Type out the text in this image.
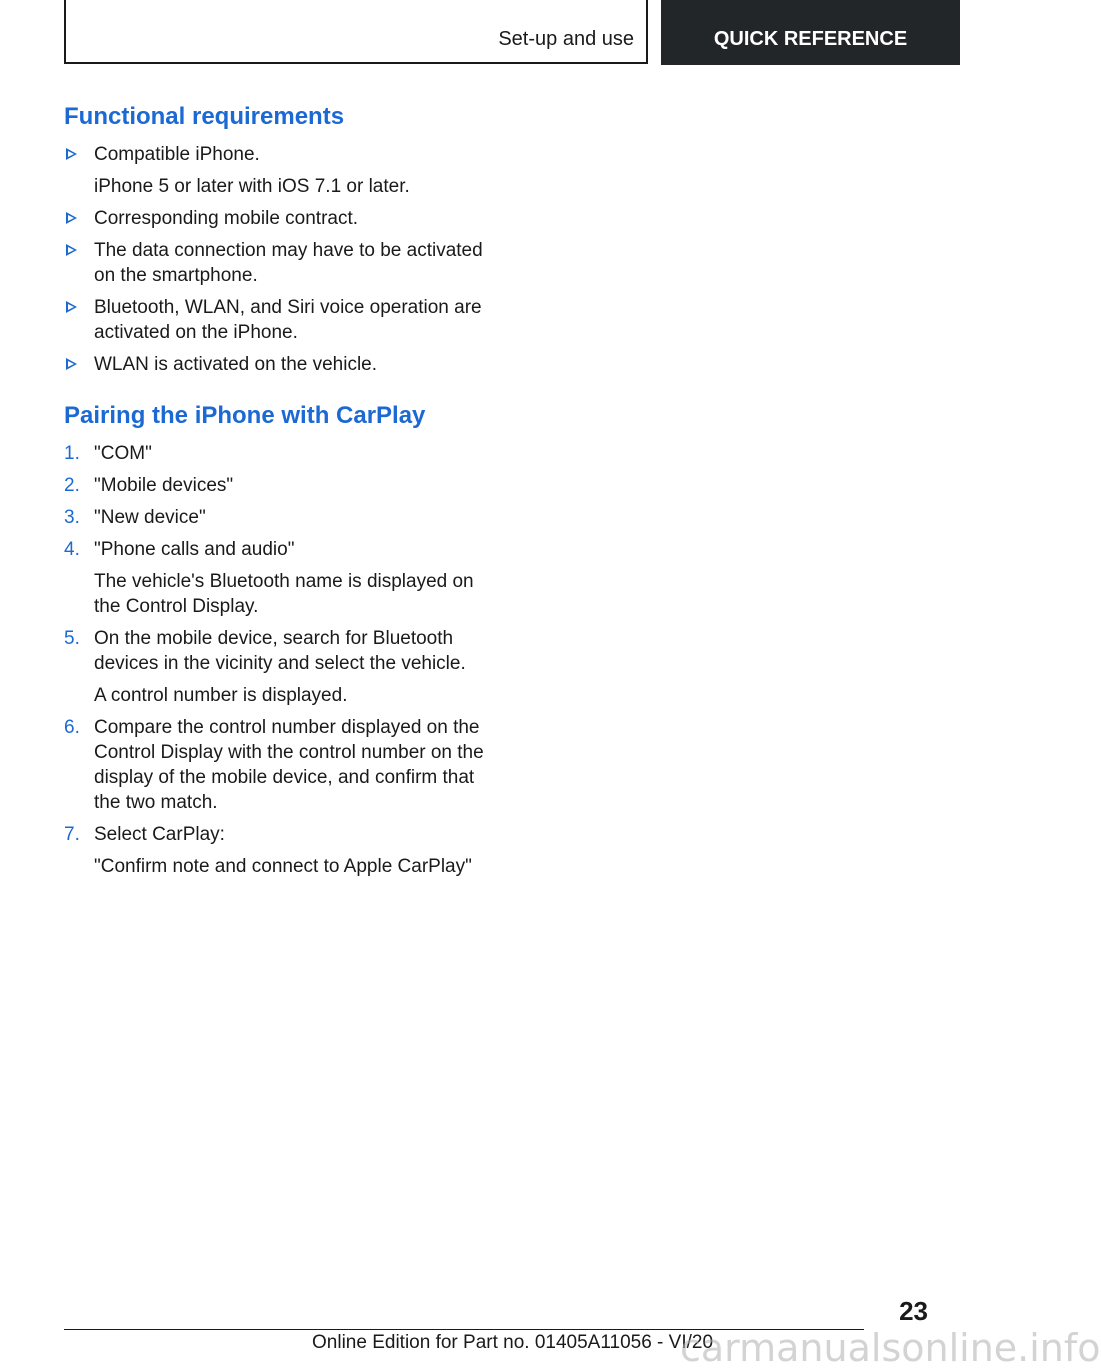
Set-up and use	QUICK REFERENCE
Functional requirements

Compatible iPhone.

iPhone 5 or later with iOS 7.1 or later.

Corresponding mobile contract.

The data connection may have to be activated on the smartphone.

Bluetooth, WLAN, and Siri voice operation are activated on the iPhone.

WLAN is activated on the vehicle.

Pairing the iPhone with CarPlay
1. "COM"

2. "Mobile devices"

3. "New device"

4. "Phone calls and audio"

The vehicle's Bluetooth name is displayed on the Control Display.

5. On the mobile device, search for Bluetooth devices in the vicinity and select the vehicle.

A control number is displayed.

6. Compare the control number displayed on the Control Display with the control number on the display of the mobile device, and confirm that the two match.

7. Select CarPlay:

"Confirm note and connect to Apple CarPlay"

23
Online Edition for Part no. 01405A11056 - VI/20
carmanualsonline.info
